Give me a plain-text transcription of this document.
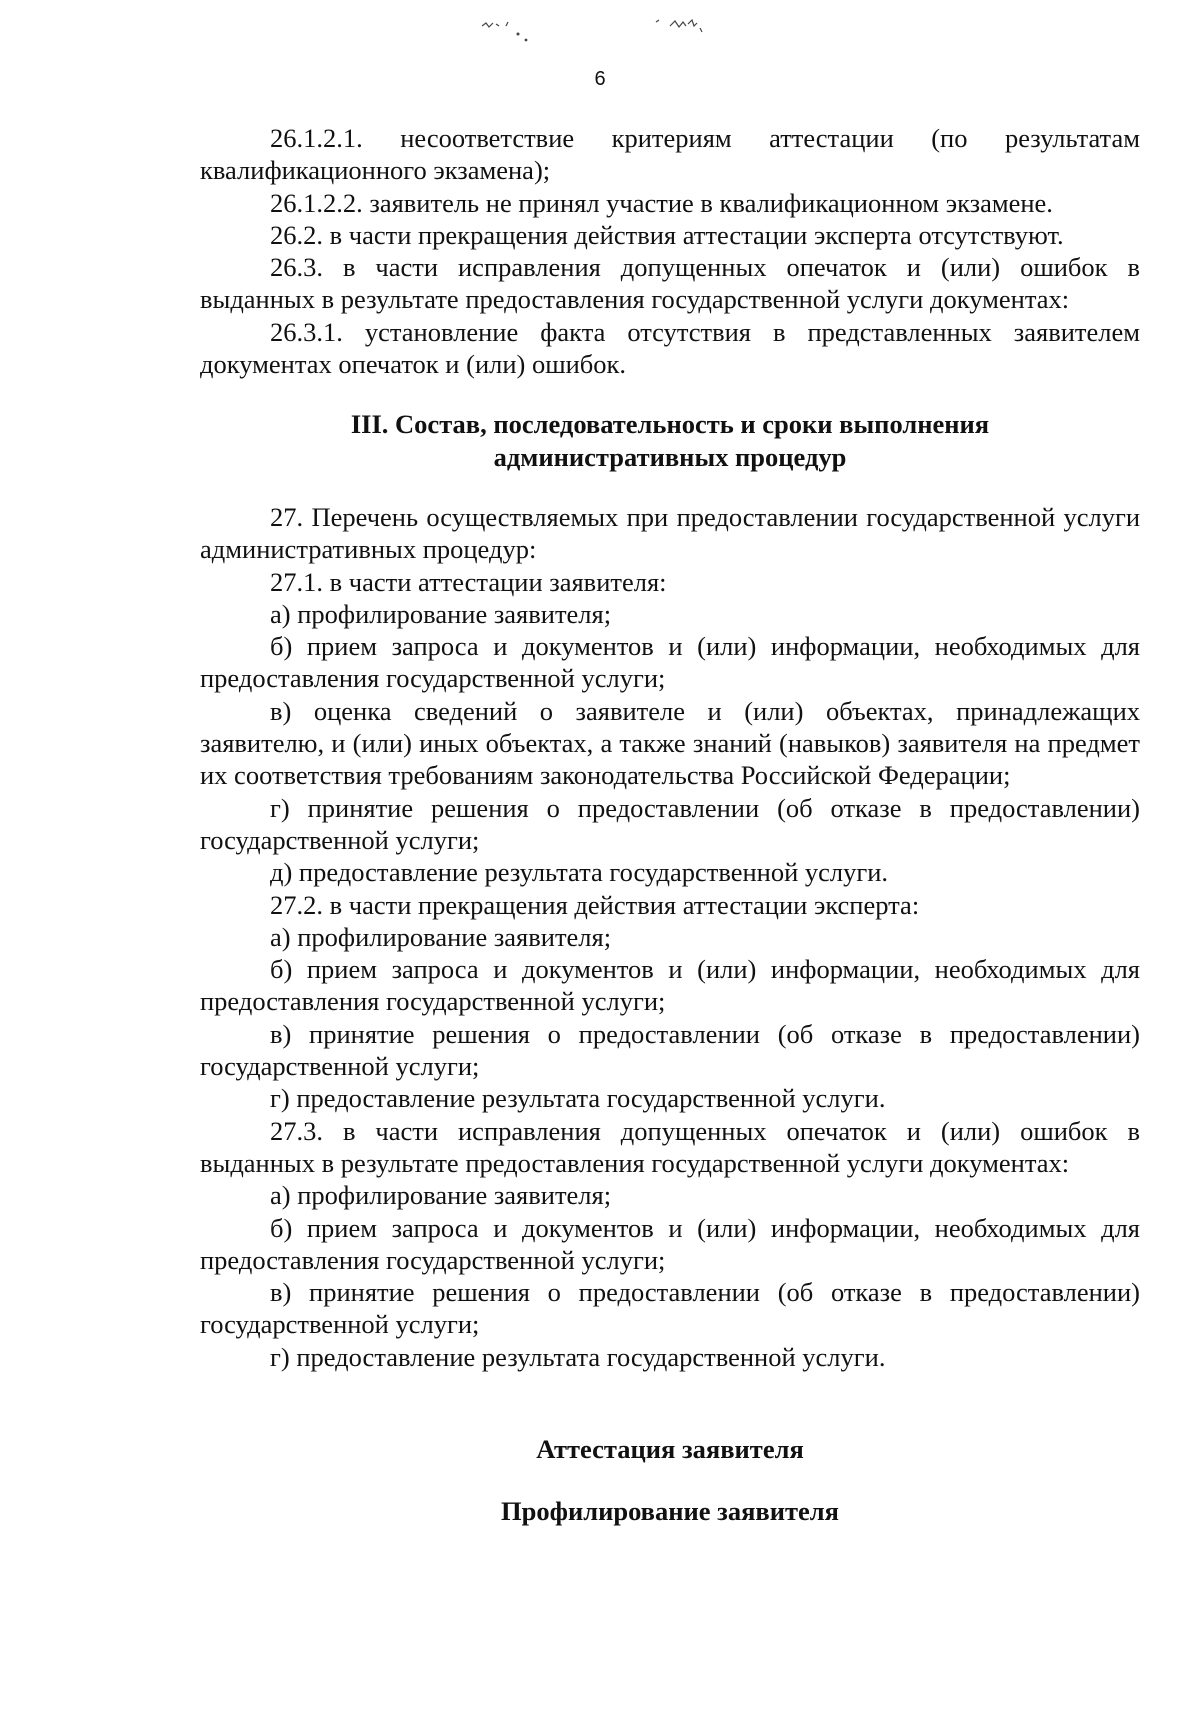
6

26.1.2.1. несоответствие критериям аттестации (по результатам квалификационного экзамена);

26.1.2.2. заявитель не принял участие в квалификационном экзамене.

26.2. в части прекращения действия аттестации эксперта отсутствуют.

26.3. в части исправления допущенных опечаток и (или) ошибок в выданных в результате предоставления государственной услуги документах:

26.3.1. установление факта отсутствия в представленных заявителем документах опечаток и (или) ошибок.

III. Состав, последовательность и сроки выполнения
административных процедур

27. Перечень осуществляемых при предоставлении государственной услуги административных процедур:

27.1. в части аттестации заявителя:

а) профилирование заявителя;

б) прием запроса и документов и (или) информации, необходимых для предоставления государственной услуги;

в) оценка сведений о заявителе и (или) объектах, принадлежащих заявителю, и (или) иных объектах, а также знаний (навыков) заявителя на предмет их соответствия требованиям законодательства Российской Федерации;

г) принятие решения о предоставлении (об отказе в предоставлении) государственной услуги;

д) предоставление результата государственной услуги.

27.2. в части прекращения действия аттестации эксперта:

а) профилирование заявителя;

б) прием запроса и документов и (или) информации, необходимых для предоставления государственной услуги;

в) принятие решения о предоставлении (об отказе в предоставлении) государственной услуги;

г) предоставление результата государственной услуги.

27.3. в части исправления допущенных опечаток и (или) ошибок в выданных в результате предоставления государственной услуги документах:

а) профилирование заявителя;

б) прием запроса и документов и (или) информации, необходимых для предоставления государственной услуги;

в) принятие решения о предоставлении (об отказе в предоставлении) государственной услуги;

г) предоставление результата государственной услуги.

Аттестация заявителя
Профилирование заявителя
